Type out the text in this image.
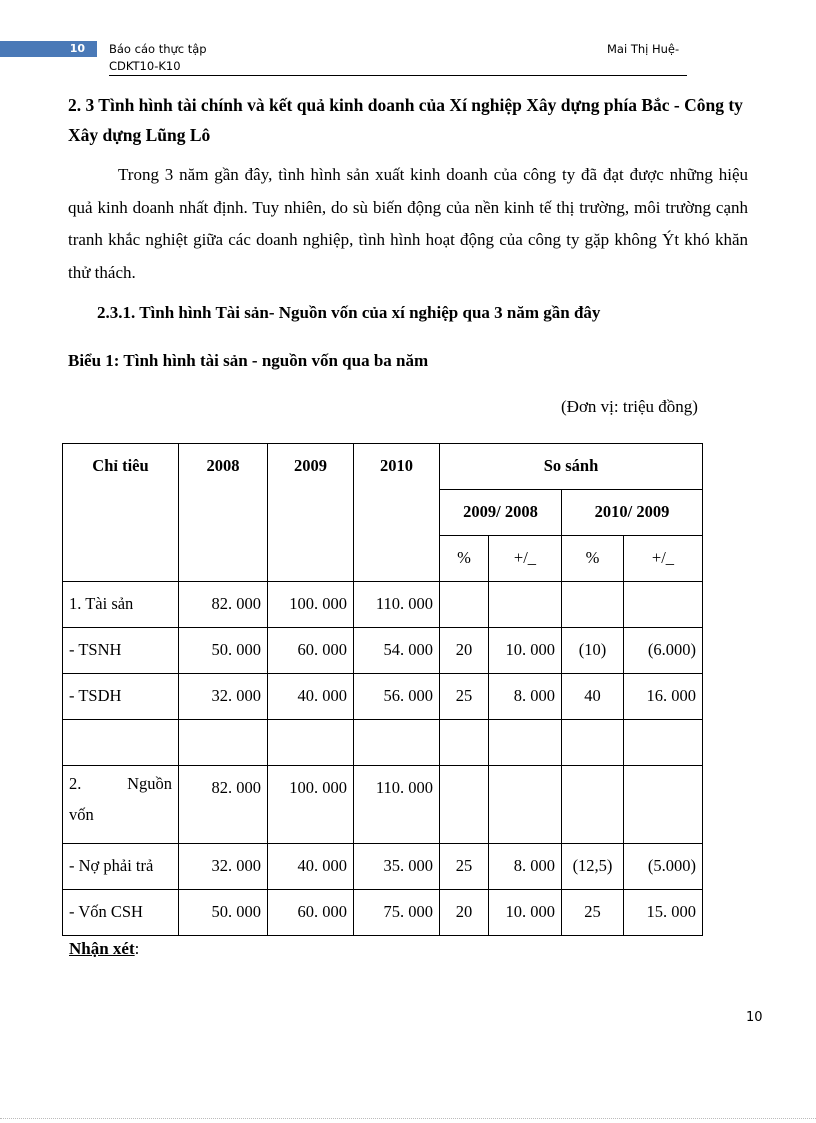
10	Báo cáo thực tập
CDKT10-K10
Mai Thị Huệ-
2. 3 Tình hình tài chính và kết quả kinh doanh của Xí nghiệp Xây dựng phía Bắc - Công ty Xây dựng Lũng Lô
Trong 3 năm gần đây, tình hình sản xuất kinh doanh của công ty đã đạt được những hiệu quả kinh doanh nhất định. Tuy nhiên, do sù biến động của nền kinh tế thị trường, môi trường cạnh tranh khắc nghiệt giữa các doanh nghiệp, tình hình hoạt động của công ty gặp không Ýt khó khăn thử thách.
2.3.1. Tình hình Tài sản- Nguồn vốn của xí nghiệp qua 3 năm gần đây
Biểu 1: Tình hình tài sản - nguồn vốn qua ba năm
(Đơn vị: triệu đồng)
Chỉ tiêu	2008	2009	2010	So sánh			
				2009/ 2008		2010/ 2009	
				%	+/_	%	+/_
1. Tài sản	82. 000	100. 000	110. 000				
- TSNH	50. 000	60. 000	54. 000	20	10. 000	(10)	(6.000)
- TSDH	32. 000	40. 000	56. 000	25	8. 000	40	16. 000

2. Nguồn
vốn	82. 000	100. 000	110. 000				
- Nợ phải trả	32. 000	40. 000	35. 000	25	8. 000	(12,5)	(5.000)
- Vốn CSH	50. 000	60. 000	75. 000	20	10. 000	25	15. 000
Nhận xét:
10
